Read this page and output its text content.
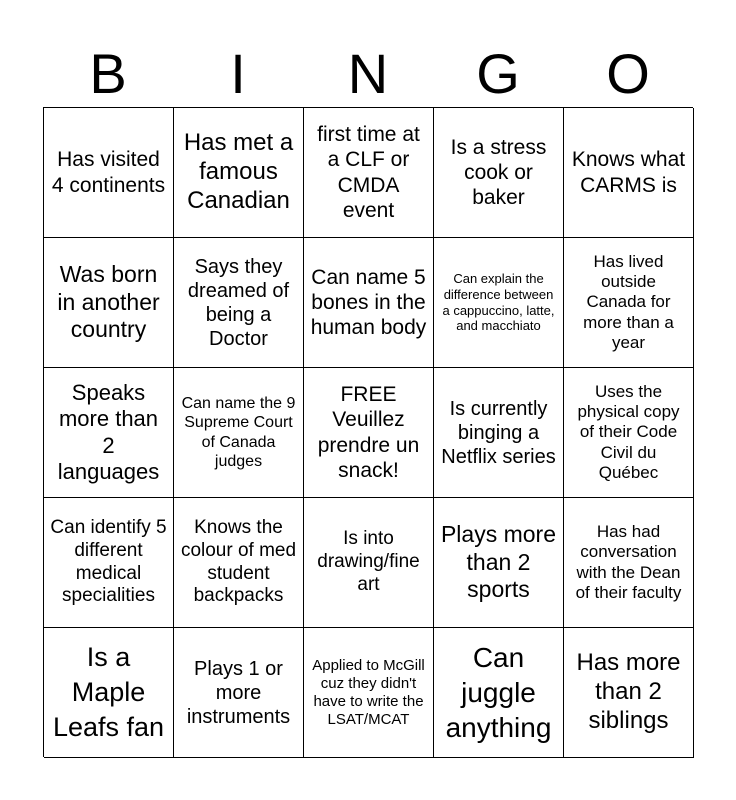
B	I	N	G	O
Has visited 4 continents
Has met a famous Canadian
first time at a CLF or CMDA event
Is a stress cook or baker
Knows what CARMS is
Was born in another country
Says they dreamed of being a Doctor
Can name 5 bones in the human body
Can explain the difference between a cappuccino, latte, and macchiato
Has lived outside Canada for more than a year
Speaks more than 2 languages
Can name the 9 Supreme Court of Canada judges
FREE Veuillez prendre un snack!
Is currently binging a Netflix series
Uses the physical copy of their Code Civil du Québec
Can identify 5 different medical specialities
Knows the colour of med student backpacks
Is into drawing/fine art
Plays more than 2 sports
Has had conversation with the Dean of their faculty
Is a Maple Leafs fan
Plays 1 or more instruments
Applied to McGill cuz they didn't have to write the LSAT/MCAT
Can juggle anything
Has more than 2 siblings
